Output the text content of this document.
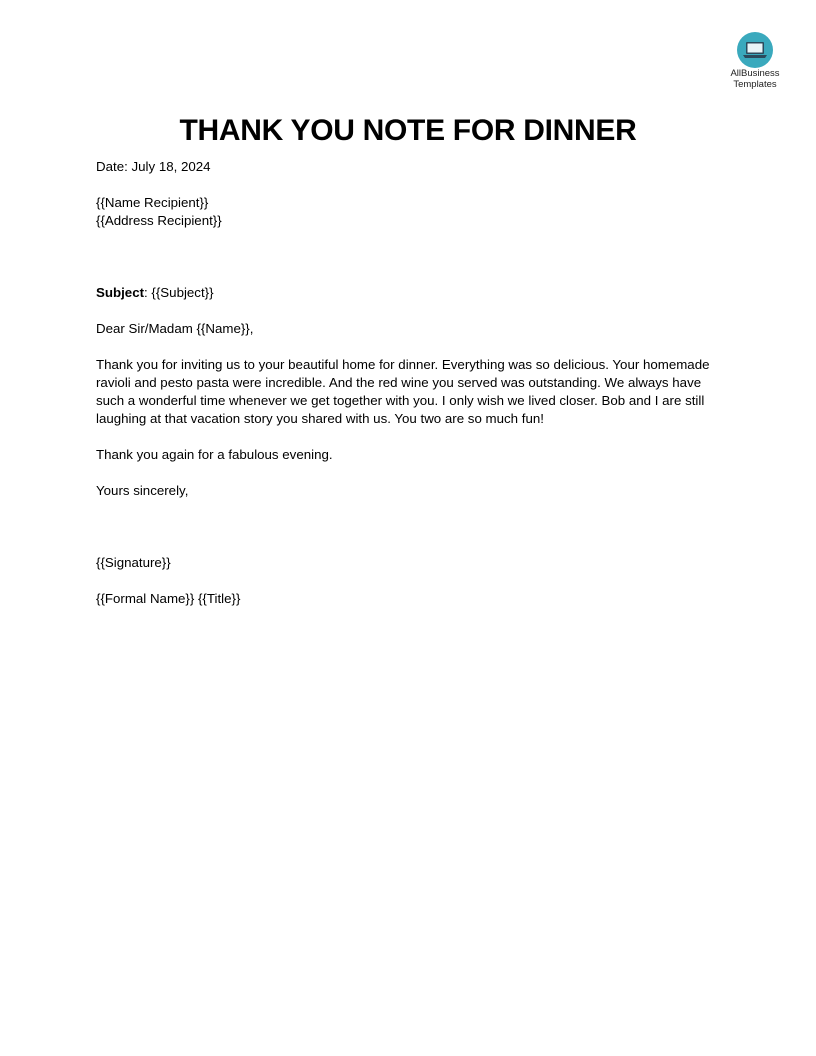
AllBusiness
Templates
THANK YOU NOTE FOR DINNER

Date: July 18, 2024

{{Name Recipient}}

{{Address Recipient}}

Subject: {{Subject}}

Dear Sir/Madam {{Name}},

Thank you for inviting us to your beautiful home for dinner. Everything was so delicious. Your homemade ravioli and pesto pasta were incredible. And the red wine you served was outstanding. We always have such a wonderful time whenever we get together with you. I only wish we lived closer. Bob and I are still laughing at that vacation story you shared with us. You two are so much fun!

Thank you again for a fabulous evening.

Yours sincerely,

{{Signature}}

{{Formal Name}} {{Title}}
